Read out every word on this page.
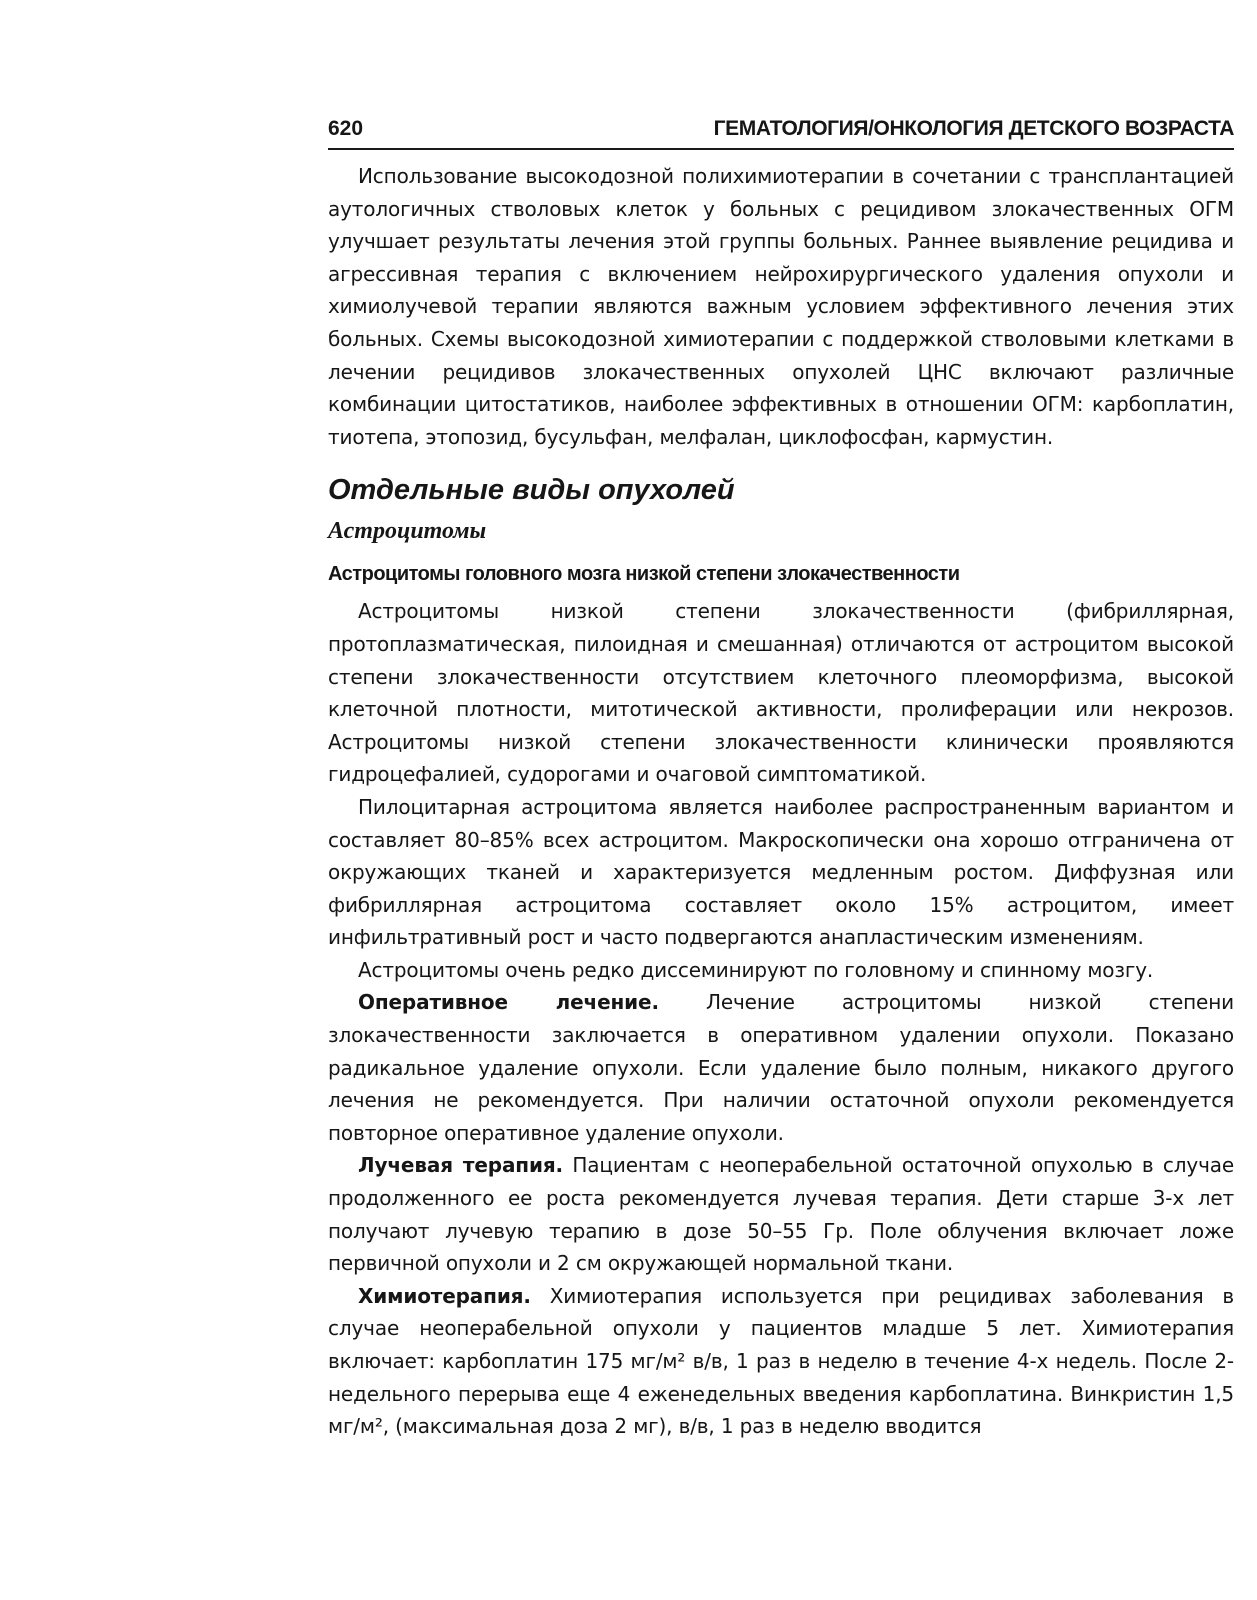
620	ГЕМАТОЛОГИЯ/ОНКОЛОГИЯ ДЕТСКОГО ВОЗРАСТА

Использование высокодозной полихимиотерапии в сочетании с трансплантацией аутологичных стволовых клеток у больных с рецидивом злокачественных ОГМ улучшает результаты лечения этой группы больных. Раннее выявление рецидива и агрессивная терапия с включением нейрохирургического удаления опухоли и химиолучевой терапии являются важным условием эффективного лечения этих больных. Схемы высокодозной химиотерапии с поддержкой стволовыми клетками в лечении рецидивов злокачественных опухолей ЦНС включают различные комбинации цитостатиков, наиболее эффективных в отношении ОГМ: карбоплатин, тиотепа, этопозид, бусульфан, мелфалан, циклофосфан, кармустин.

Отдельные виды опухолей
Астроцитомы
Астроцитомы головного мозга низкой степени злокачественности

Астроцитомы низкой степени злокачественности (фибриллярная, протоплазматическая, пилоидная и смешанная) отличаются от астроцитом высокой степени злокачественности отсутствием клеточного плеоморфизма, высокой клеточной плотности, митотической активности, пролиферации или некрозов. Астроцитомы низкой степени злокачественности клинически проявляются гидроцефалией, судорогами и очаговой симптоматикой.

Пилоцитарная астроцитома является наиболее распространенным вариантом и составляет 80–85% всех астроцитом. Макроскопически она хорошо отграничена от окружающих тканей и характеризуется медленным ростом. Диффузная или фибриллярная астроцитома составляет около 15% астроцитом, имеет инфильтративный рост и часто подвергаются анапластическим изменениям.

Астроцитомы очень редко диссеминируют по головному и спинному мозгу.

Оперативное лечение. Лечение астроцитомы низкой степени злокачественности заключается в оперативном удалении опухоли. Показано радикальное удаление опухоли. Если удаление было полным, никакого другого лечения не рекомендуется. При наличии остаточной опухоли рекомендуется повторное оперативное удаление опухоли.

Лучевая терапия. Пациентам с неоперабельной остаточной опухолью в случае продолженного ее роста рекомендуется лучевая терапия. Дети старше 3-х лет получают лучевую терапию в дозе 50–55 Гр. Поле облучения включает ложе первичной опухоли и 2 см окружающей нормальной ткани.

Химиотерапия. Химиотерапия используется при рецидивах заболевания в случае неоперабельной опухоли у пациентов младше 5 лет. Химиотерапия включает: карбоплатин 175 мг/м² в/в, 1 раз в неделю в течение 4-х недель. После 2-недельного перерыва еще 4 еженедельных введения карбоплатина. Винкристин 1,5 мг/м², (максимальная доза 2 мг), в/в, 1 раз в неделю вводится
